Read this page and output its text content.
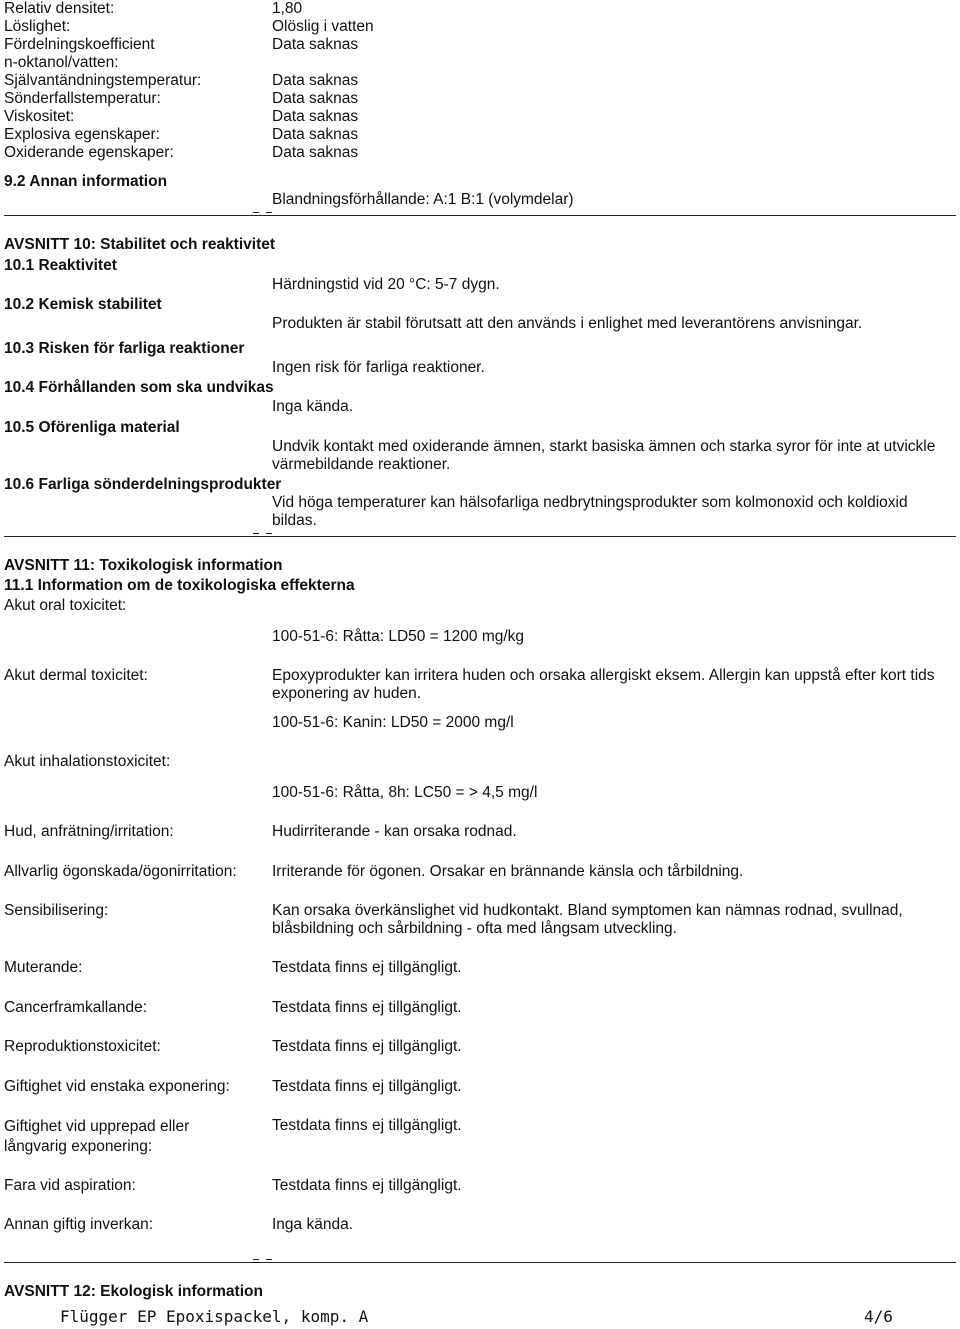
Relativ densitet:	1,80
Löslighet:	Olöslig i vatten
Fördelningskoefficient	Data saknas
n-oktanol/vatten:
Självantändningstemperatur:	Data saknas
Sönderfallstemperatur:	Data saknas
Viskositet:	Data saknas
Explosiva egenskaper:	Data saknas
Oxiderande egenskaper:	Data saknas
9.2 Annan information
Blandningsförhållande: A:1 B:1 (volymdelar)
AVSNITT 10: Stabilitet och reaktivitet
10.1 Reaktivitet
Härdningstid vid 20 °C: 5-7 dygn.
10.2 Kemisk stabilitet
Produkten är stabil förutsatt att den används i enlighet med leverantörens anvisningar.
10.3 Risken för farliga reaktioner
Ingen risk för farliga reaktioner.
10.4 Förhållanden som ska undvikas
Inga kända.
10.5 Oförenliga material
Undvik kontakt med oxiderande ämnen, starkt basiska ämnen och starka syror för inte at utvickle värmebildande reaktioner.
10.6 Farliga sönderdelningsprodukter
Vid höga temperaturer kan hälsofarliga nedbrytningsprodukter som kolmonoxid och koldioxid bildas.
AVSNITT 11: Toxikologisk information
11.1 Information om de toxikologiska effekterna
Akut oral toxicitet:
100-51-6: Råtta: LD50 = 1200 mg/kg
Akut dermal toxicitet:	Epoxyprodukter kan irritera huden och orsaka allergiskt eksem. Allergin kan uppstå efter kort tids exponering av huden.
100-51-6: Kanin: LD50 = 2000 mg/l
Akut inhalationstoxicitet:
100-51-6: Råtta, 8h: LC50 = > 4,5 mg/l
Hud, anfrätning/irritation:	Hudirriterande - kan orsaka rodnad.
Allvarlig ögonskada/ögonirritation: Irriterande för ögonen. Orsakar en brännande känsla och tårbildning.
Sensibilisering:	Kan orsaka överkänslighet vid hudkontakt. Bland symptomen kan nämnas rodnad, svullnad, blåsbildning och sårbildning - ofta med långsam utveckling.
Muterande:	Testdata finns ej tillgängligt.
Cancerframkallande:	Testdata finns ej tillgängligt.
Reproduktionstoxicitet:	Testdata finns ej tillgängligt.
Giftighet vid enstaka exponering:	Testdata finns ej tillgängligt.
Giftighet vid upprepad eller långvarig exponering:
Testdata finns ej tillgängligt.
Fara vid aspiration:	Testdata finns ej tillgängligt.
Annan giftig inverkan:	Inga kända.
AVSNITT 12: Ekologisk information
Flügger EP Epoxispackel, komp. A	4/6
